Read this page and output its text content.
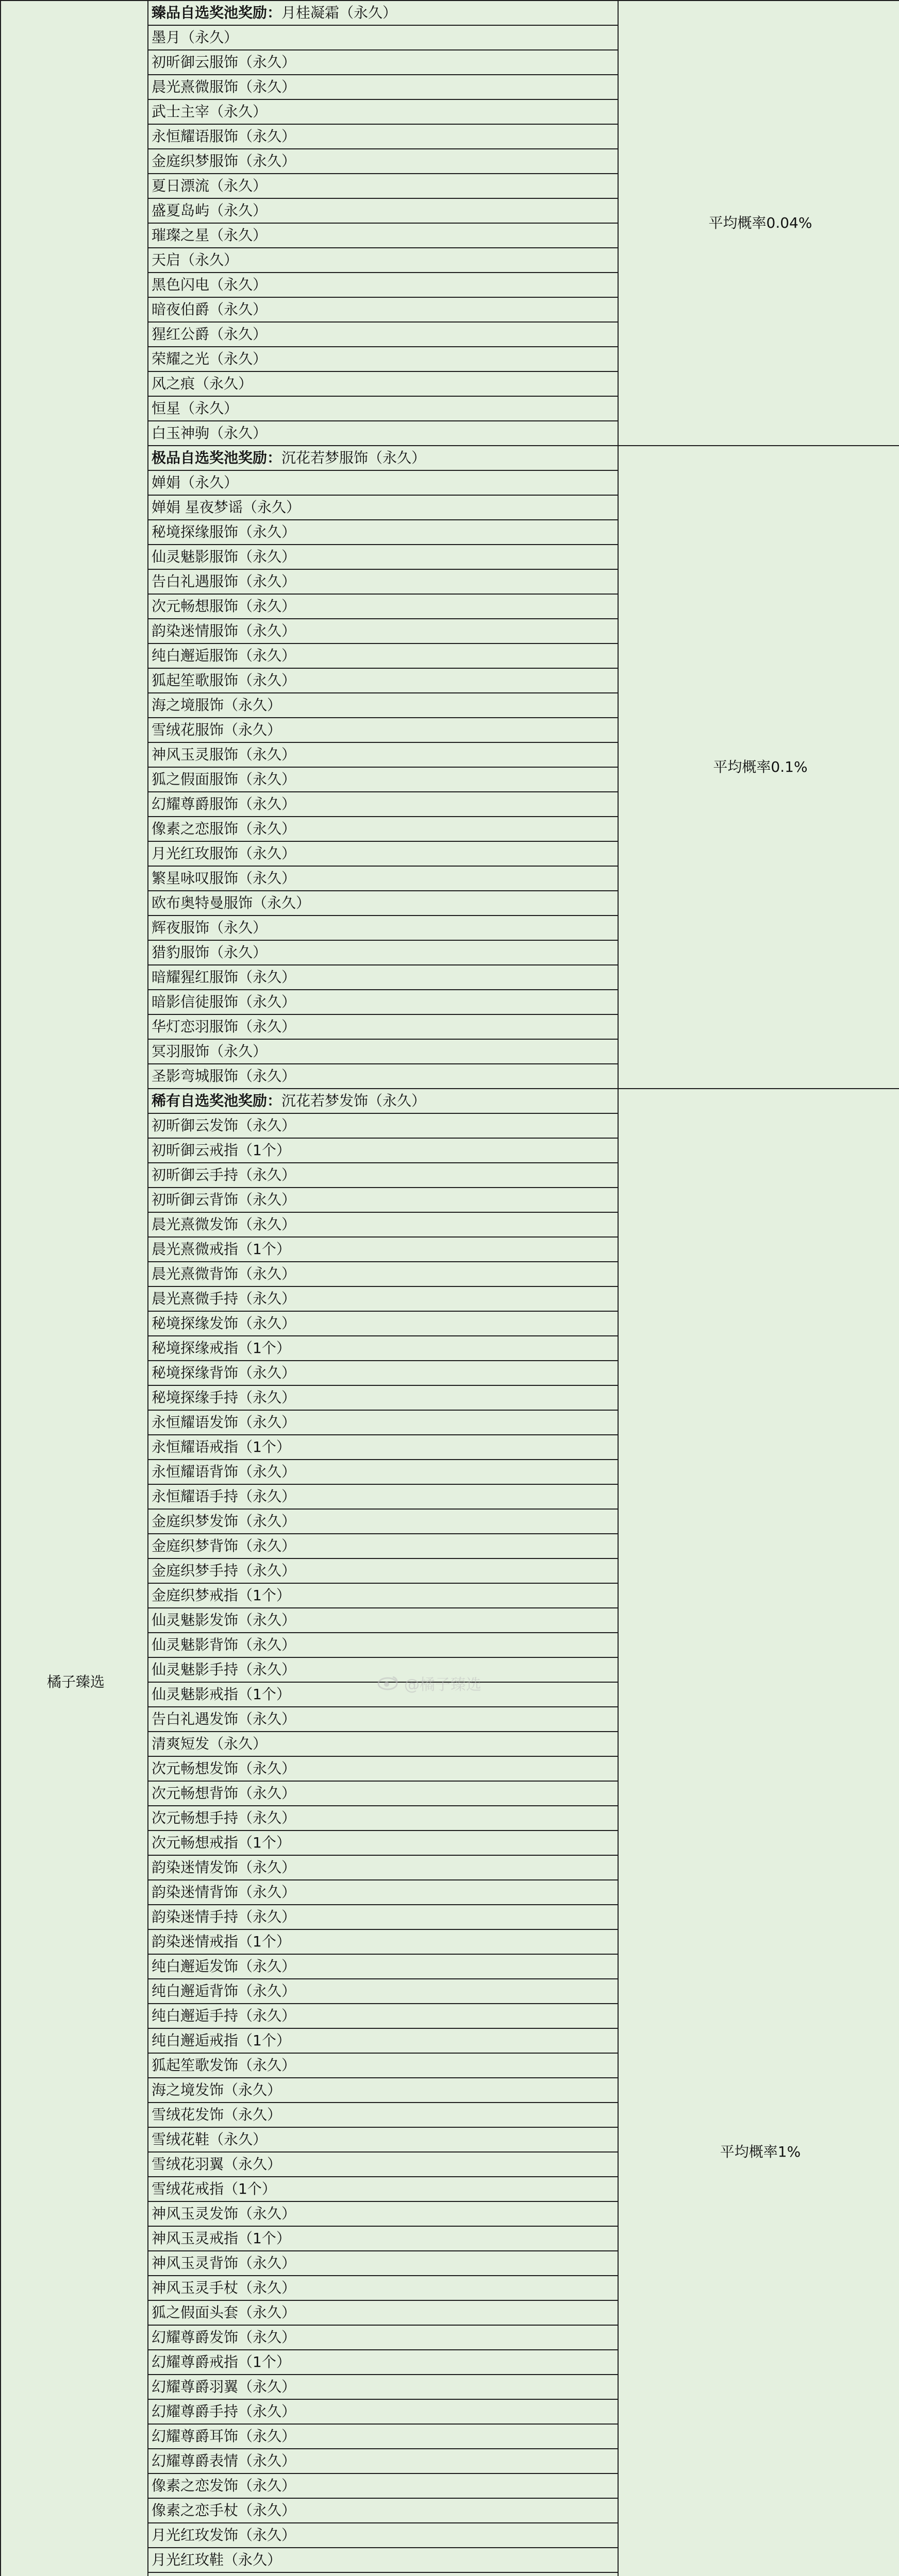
橘子臻选	臻品自选奖池奖励：月桂凝霜（永久）	平均概率0.04%
	墨月（永久）	
	初昕御云服饰（永久）	
	晨光熹微服饰（永久）	
	武士主宰（永久）	
	永恒耀语服饰（永久）	
	金庭织梦服饰（永久）	
	夏日漂流（永久）	
	盛夏岛屿（永久）	
	璀璨之星（永久）	
	天启（永久）	
	黑色闪电（永久）	
	暗夜伯爵（永久）	
	猩红公爵（永久）	
	荣耀之光（永久）	
	风之痕（永久）	
	恒星（永久）	
	白玉神驹（永久）	
	极品自选奖池奖励：沉花若梦服饰（永久）	平均概率0.1%
	婵娟（永久）	
	婵娟 星夜梦谣（永久）	
	秘境探缘服饰（永久）	
	仙灵魅影服饰（永久）	
	告白礼遇服饰（永久）	
	次元畅想服饰（永久）	
	韵染迷情服饰（永久）	
	纯白邂逅服饰（永久）	
	狐起笙歌服饰（永久）	
	海之境服饰（永久）	
	雪绒花服饰（永久）	
	神风玉灵服饰（永久）	
	狐之假面服饰（永久）	
	幻耀尊爵服饰（永久）	
	像素之恋服饰（永久）	
	月光红玫服饰（永久）	
	繁星咏叹服饰（永久）	
	欧布奥特曼服饰（永久）	
	辉夜服饰（永久）	
	猎豹服饰（永久）	
	暗耀猩红服饰（永久）	
	暗影信徒服饰（永久）	
	华灯恋羽服饰（永久）	
	冥羽服饰（永久）	
	圣影弯城服饰（永久）	
	稀有自选奖池奖励：沉花若梦发饰（永久）	平均概率1%
	初昕御云发饰（永久）	
	初昕御云戒指（1个）	
	初昕御云手持（永久）	
	初昕御云背饰（永久）	
	晨光熹微发饰（永久）	
	晨光熹微戒指（1个）	
	晨光熹微背饰（永久）	
	晨光熹微手持（永久）	
	秘境探缘发饰（永久）	
	秘境探缘戒指（1个）	
	秘境探缘背饰（永久）	
	秘境探缘手持（永久）	
	永恒耀语发饰（永久）	
	永恒耀语戒指（1个）	
	永恒耀语背饰（永久）	
	永恒耀语手持（永久）	
	金庭织梦发饰（永久）	
	金庭织梦背饰（永久）	
	金庭织梦手持（永久）	
	金庭织梦戒指（1个）	
	仙灵魅影发饰（永久）	
	仙灵魅影背饰（永久）	
	仙灵魅影手持（永久）	
	仙灵魅影戒指（1个）	
	告白礼遇发饰（永久）	
	清爽短发（永久）	
	次元畅想发饰（永久）	
	次元畅想背饰（永久）	
	次元畅想手持（永久）	
	次元畅想戒指（1个）	
	韵染迷情发饰（永久）	
	韵染迷情背饰（永久）	
	韵染迷情手持（永久）	
	韵染迷情戒指（1个）	
	纯白邂逅发饰（永久）	
	纯白邂逅背饰（永久）	
	纯白邂逅手持（永久）	
	纯白邂逅戒指（1个）	
	狐起笙歌发饰（永久）	
	海之境发饰（永久）	
	雪绒花发饰（永久）	
	雪绒花鞋（永久）	
	雪绒花羽翼（永久）	
	雪绒花戒指（1个）	
	神风玉灵发饰（永久）	
	神风玉灵戒指（1个）	
	神风玉灵背饰（永久）	
	神风玉灵手杖（永久）	
	狐之假面头套（永久）	
	幻耀尊爵发饰（永久）	
	幻耀尊爵戒指（1个）	
	幻耀尊爵羽翼（永久）	
	幻耀尊爵手持（永久）	
	幻耀尊爵耳饰（永久）	
	幻耀尊爵表情（永久）	
	像素之恋发饰（永久）	
	像素之恋手杖（永久）	
	月光红玫发饰（永久）	
	月光红玫鞋（永久）	

@橘子臻选
